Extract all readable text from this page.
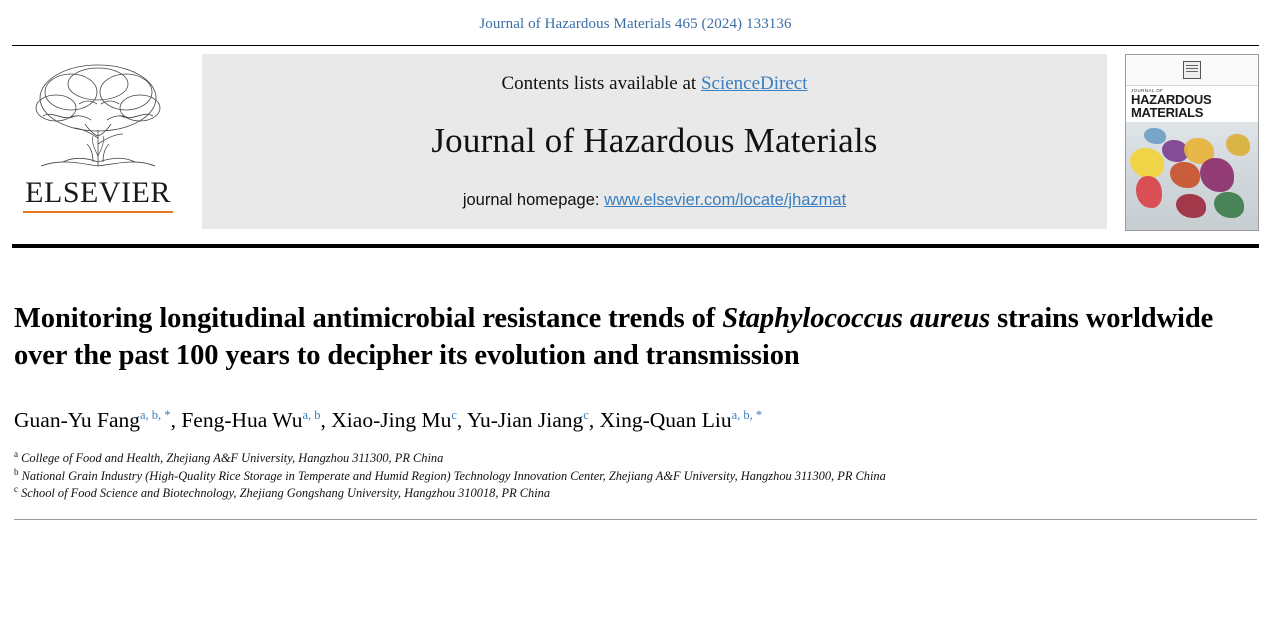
Journal of Hazardous Materials 465 (2024) 133136
ELSEVIER
Contents lists available at ScienceDirect
Journal of Hazardous Materials
journal homepage: www.elsevier.com/locate/jhazmat
JOURNAL OF
HAZARDOUS
MATERIALS
Monitoring longitudinal antimicrobial resistance trends of Staphylococcus aureus strains worldwide over the past 100 years to decipher its evolution and transmission
Guan-Yu Fang$^{a, b, *}$, Feng-Hua Wu$^{a, b}$, Xiao-Jing Mu$^c$, Yu-Jian Jiang$^c$, Xing-Quan Liu$^{a, b, *}$
$^a$ College of Food and Health, Zhejiang A&F University, Hangzhou 311300, PR China
$^b$ National Grain Industry (High-Quality Rice Storage in Temperate and Humid Region) Technology Innovation Center, Zhejiang A&F University, Hangzhou 311300, PR China
$^c$ School of Food Science and Biotechnology, Zhejiang Gongshang University, Hangzhou 310018, PR China
